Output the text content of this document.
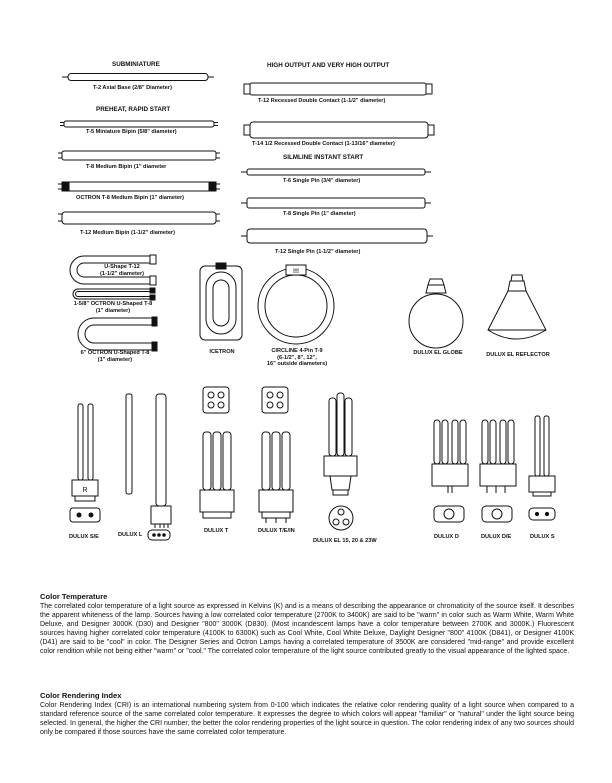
!!!
R
SUBMINIATURE
PREHEAT, RAPID START
HIGH OUTPUT AND VERY HIGH OUTPUT
SILMLINE INSTANT START
T-2 Axial Base (2/8" Diameter)
T-5 Miniature Bipin (5/8" diameter)
T-8 Medium Bipin (1" diameter
OCTRON T-8 Medium Bipin (1" diameter)
T-12 Medium Bipin (1-1/2" diameter)
T-12 Recessed Double Contact (1-1/2" diameter)
T-14 1/2 Recessed Double Contact (1-13/16" diameter)
T-6 Single Pin (3/4" diameter)
T-8 Single Pin (1" diameter)
T-12 Single Pin (1-1/2" diameter)
U-Shape T-12
(1-1/2" diameter)
1-5/8" OCTRON U-Shaped T-8
(1" diameter)
6" OCTRON U-Shaped T-8
(1" diameter)
ICETRON	CIRCLINE 4-Pin T-9
(6-1/2", 8", 12",
16" outside diameters)
DULUX EL GLOBE	DULUX EL REFLECTOR
DULUX S/E	DULUX L
DULUX T	DULUX T/E/IN
DULUX EL 15, 20 & 23W
DULUX D	DULUX D/E	DULUX S
Color Temperature
The correlated color temperature of a light source as expressed in Kelvins (K) and is a means of describing the appearance or chromaticity of the source itself. It describes the apparent whiteness of the lamp. Sources having a low correlated color temperature (2700K to 3400K) are said to be "warm" in color such as Warm White, Warm White Deluxe, and Designer 3000K (D30) and Designer "800" 3000K (D830). (Most incandescent lamps have a color temperature between 2700K and 3000K.) Fluorescent sources having higher correlated color temperature (4100K to 6300K) such as Cool White, Cool White Deluxe, Daylight Designer "800" 4100K (D841), or Designer 4100K (D41) are said to be "cool" in color. The Designer Series and Octron Lamps having a correlated temperature of 3500K are considered "mid-range" and provide excellent color rendition while not being either "warm" or "cool." The correlated color temperature of the light source contributed greatly to the visual appearance of the lighted space.
Color Rendering Index
Color Rendering Index (CRI) is an international numbering system from 0-100 which indicates the relative color rendering quality of a light source when compared to a standard reference source of the same correlated color temperature. It expresses the degree to which colors will appear "familiar" or "natural" under the light source being selected. In general, the higher the CRI number, the better the color rendering properties of the light source in question. The color rendering index of any two sources should only be compared if those sources have the same correlated color temperature.
